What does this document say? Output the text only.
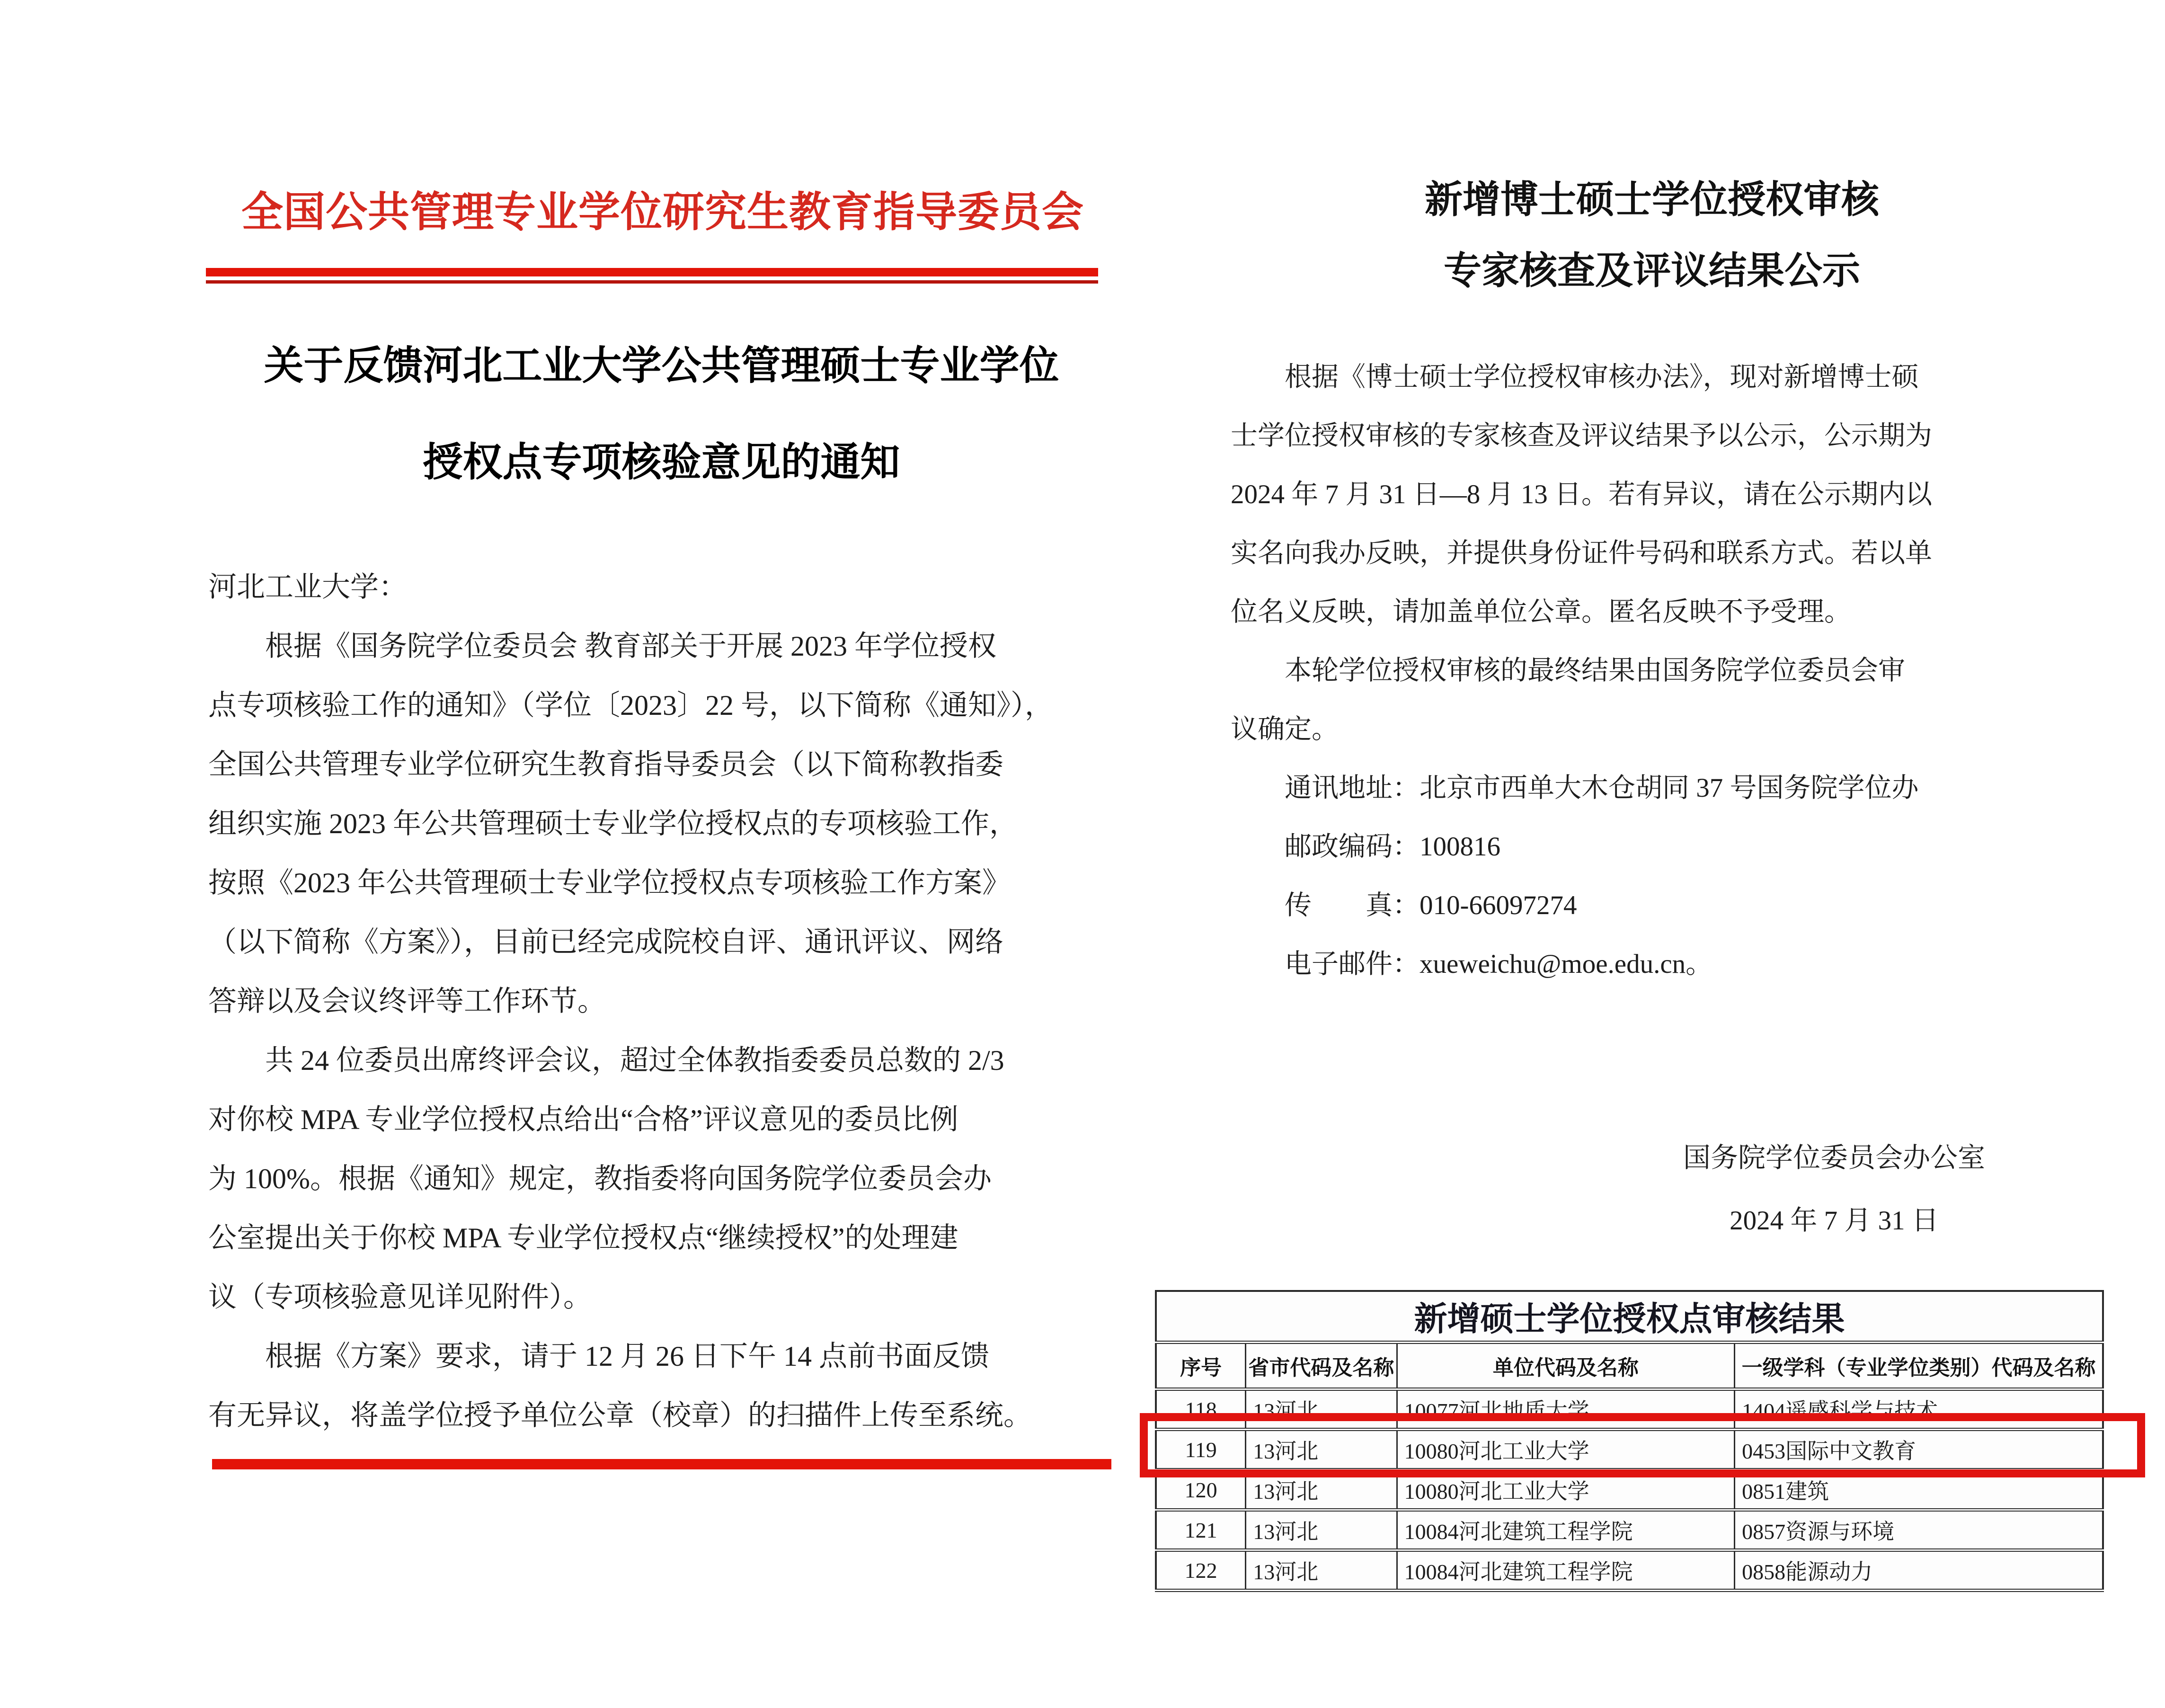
全国公共管理专业学位研究生教育指导委员会
关于反馈河北工业大学公共管理硕士专业学位
授权点专项核验意见的通知
河北工业大学：
根据《国务院学位委员会 教育部关于开展 2023 年学位授权
点专项核验工作的通知》（学位〔2023〕22 号，以下简称《通知》），
全国公共管理专业学位研究生教育指导委员会（以下简称教指委
组织实施 2023 年公共管理硕士专业学位授权点的专项核验工作，
按照《2023 年公共管理硕士专业学位授权点专项核验工作方案》
（以下简称《方案》），目前已经完成院校自评、通讯评议、网络
答辩以及会议终评等工作环节。
共 24 位委员出席终评会议，超过全体教指委委员总数的 2/3
对你校 MPA 专业学位授权点给出“合格”评议意见的委员比例
为 100%。根据《通知》规定，教指委将向国务院学位委员会办
公室提出关于你校 MPA 专业学位授权点“继续授权”的处理建
议（专项核验意见详见附件）。
根据《方案》要求，请于 12 月 26 日下午 14 点前书面反馈
有无异议，将盖学位授予单位公章（校章）的扫描件上传至系统。
新增博士硕士学位授权审核
专家核查及评议结果公示
根据《博士硕士学位授权审核办法》，现对新增博士硕
士学位授权审核的专家核查及评议结果予以公示，公示期为
2024 年 7 月 31 日—8 月 13 日。若有异议，请在公示期内以
实名向我办反映，并提供身份证件号码和联系方式。若以单
位名义反映，请加盖单位公章。匿名反映不予受理。
本轮学位授权审核的最终结果由国务院学位委员会审
议确定。
通讯地址：北京市西单大木仓胡同 37 号国务院学位办
邮政编码：100816
传　　真：010-66097274
电子邮件：xueweichu@moe.edu.cn。
国务院学位委员会办公室
2024 年 7 月 31 日
新增硕士学位授权点审核结果			
序号	省市代码及名称	单位代码及名称	一级学科（专业学位类别）代码及名称
118	13河北	10077河北地质大学	1404遥感科学与技术
119	13河北	10080河北工业大学	0453国际中文教育
120	13河北	10080河北工业大学	0851建筑
121	13河北	10084河北建筑工程学院	0857资源与环境
122	13河北	10084河北建筑工程学院	0858能源动力
